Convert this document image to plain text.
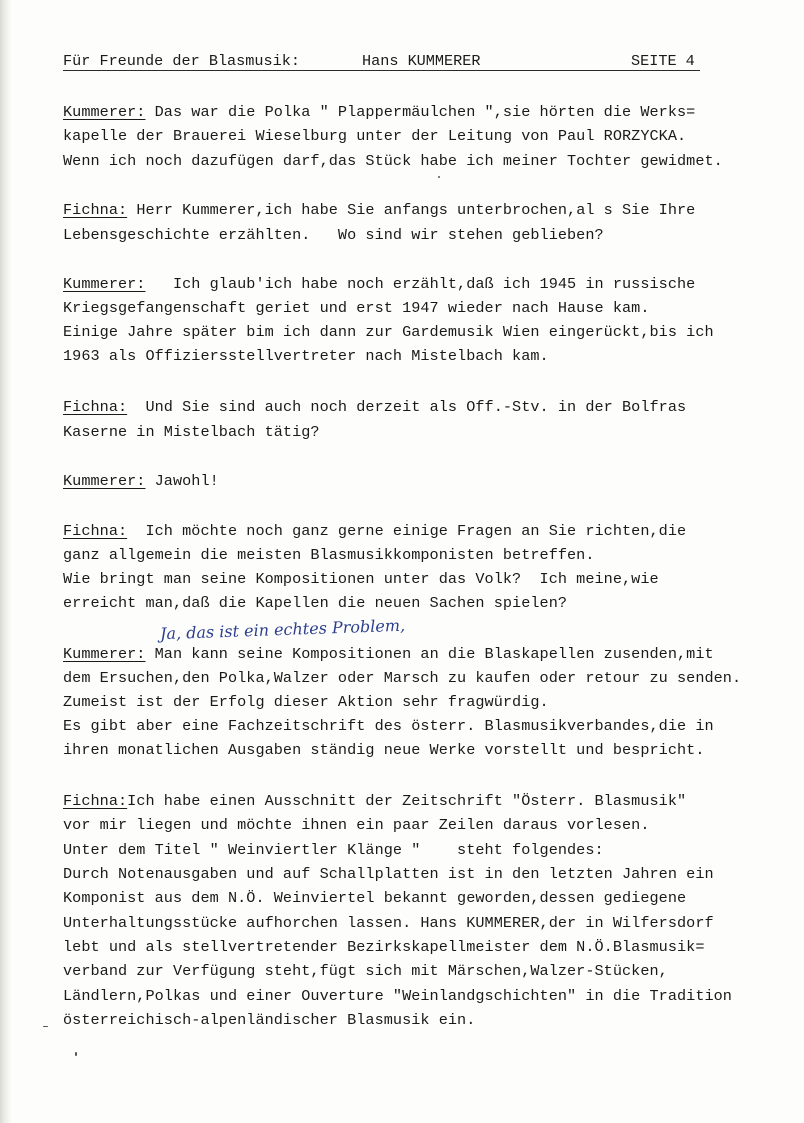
Für Freunde der Blasmusik:	Hans KUMMERER	SEITE 4
Kummerer: Das war die Polka " Plappermäulchen ",sie hörten die Werks=
kapelle der Brauerei Wieselburg unter der Leitung von Paul RORZYCKA.
Wenn ich noch dazufügen darf,das Stück habe ich meiner Tochter gewidmet.
Fichna: Herr Kummerer,ich habe Sie anfangs unterbrochen,al s Sie Ihre
Lebensgeschichte erzählten.   Wo sind wir stehen geblieben?
Kummerer:   Ich glaub'ich habe noch erzählt,daß ich 1945 in russische
Kriegsgefangenschaft geriet und erst 1947 wieder nach Hause kam.
Einige Jahre später bim ich dann zur Gardemusik Wien eingerückt,bis ich
1963 als Offiziersstellvertreter nach Mistelbach kam.
Fichna:  Und Sie sind auch noch derzeit als Off.-Stv. in der Bolfras
Kaserne in Mistelbach tätig?
Kummerer: Jawohl!
Fichna:  Ich möchte noch ganz gerne einige Fragen an Sie richten,die
ganz allgemein die meisten Blasmusikkomponisten betreffen.
Wie bringt man seine Kompositionen unter das Volk?  Ich meine,wie
erreicht man,daß die Kapellen die neuen Sachen spielen?
Ja, das ist ein echtes Problem,
Kummerer: Man kann seine Kompositionen an die Blaskapellen zusenden,mit
dem Ersuchen,den Polka,Walzer oder Marsch zu kaufen oder retour zu senden.
Zumeist ist der Erfolg dieser Aktion sehr fragwürdig.
Es gibt aber eine Fachzeitschrift des österr. Blasmusikverbandes,die in
ihren monatlichen Ausgaben ständig neue Werke vorstellt und bespricht.
Fichna:Ich habe einen Ausschnitt der Zeitschrift "Österr. Blasmusik"
vor mir liegen und möchte ihnen ein paar Zeilen daraus vorlesen.
Unter dem Titel " Weinviertler Klänge "    steht folgendes:
Durch Notenausgaben und auf Schallplatten ist in den letzten Jahren ein
Komponist aus dem N.Ö. Weinviertel bekannt geworden,dessen gediegene
Unterhaltungsstücke aufhorchen lassen. Hans KUMMERER,der in Wilfersdorf
lebt und als stellvertretender Bezirkskapellmeister dem N.Ö.Blasmusik=
verband zur Verfügung steht,fügt sich mit Märschen,Walzer-Stücken,
Ländlern,Polkas und einer Ouverture "Weinlandgschichten" in die Tradition
österreichisch-alpenländischer Blasmusik ein.
